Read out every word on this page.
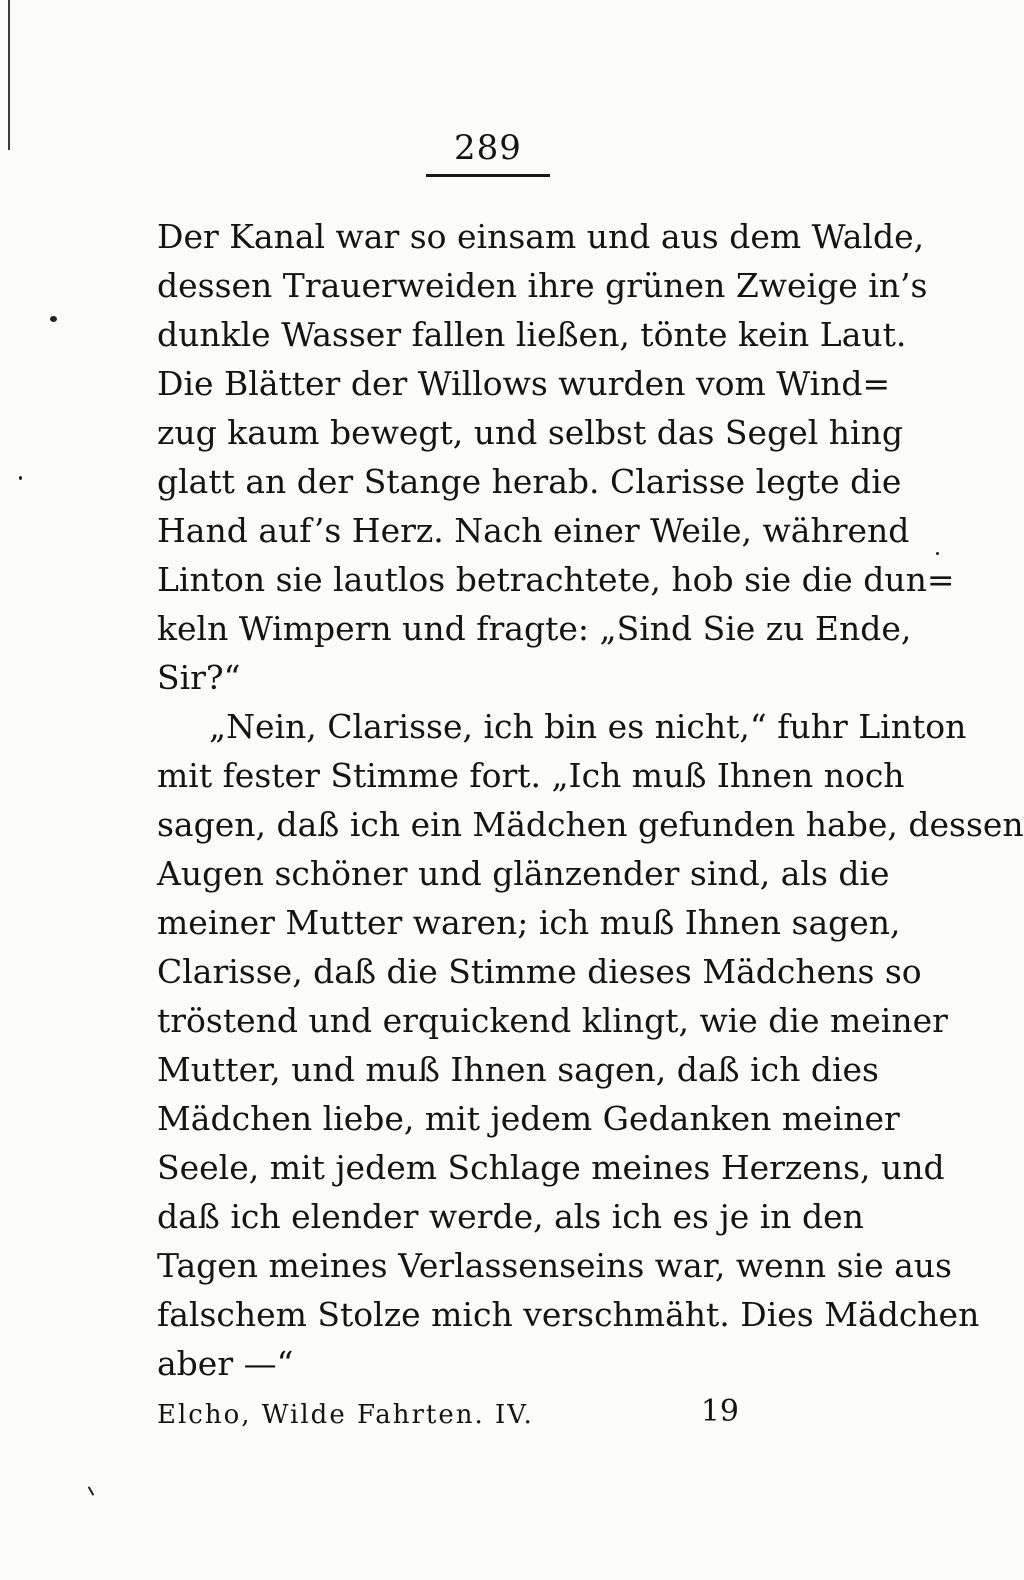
289
Der Kanal war so einsam und aus dem Walde,
dessen Trauerweiden ihre grünen Zweige in’s
dunkle Wasser fallen ließen, tönte kein Laut.
Die Blätter der Willows wurden vom Wind=
zug kaum bewegt, und selbst das Segel hing
glatt an der Stange herab. Clarisse legte die
Hand auf’s Herz. Nach einer Weile, während
Linton sie lautlos betrachtete, hob sie die dun=
keln Wimpern und fragte: „Sind Sie zu Ende,
Sir?“
„Nein, Clarisse, ich bin es nicht,“ fuhr Linton
mit fester Stimme fort. „Ich muß Ihnen noch
sagen, daß ich ein Mädchen gefunden habe, dessen
Augen schöner und glänzender sind, als die
meiner Mutter waren; ich muß Ihnen sagen,
Clarisse, daß die Stimme dieses Mädchens so
tröstend und erquickend klingt, wie die meiner
Mutter, und muß Ihnen sagen, daß ich dies
Mädchen liebe, mit jedem Gedanken meiner
Seele, mit jedem Schlage meines Herzens, und
daß ich elender werde, als ich es je in den
Tagen meines Verlassenseins war, wenn sie aus
falschem Stolze mich verschmäht. Dies Mädchen
aber —“
Elcho, Wilde Fahrten. IV.	19
